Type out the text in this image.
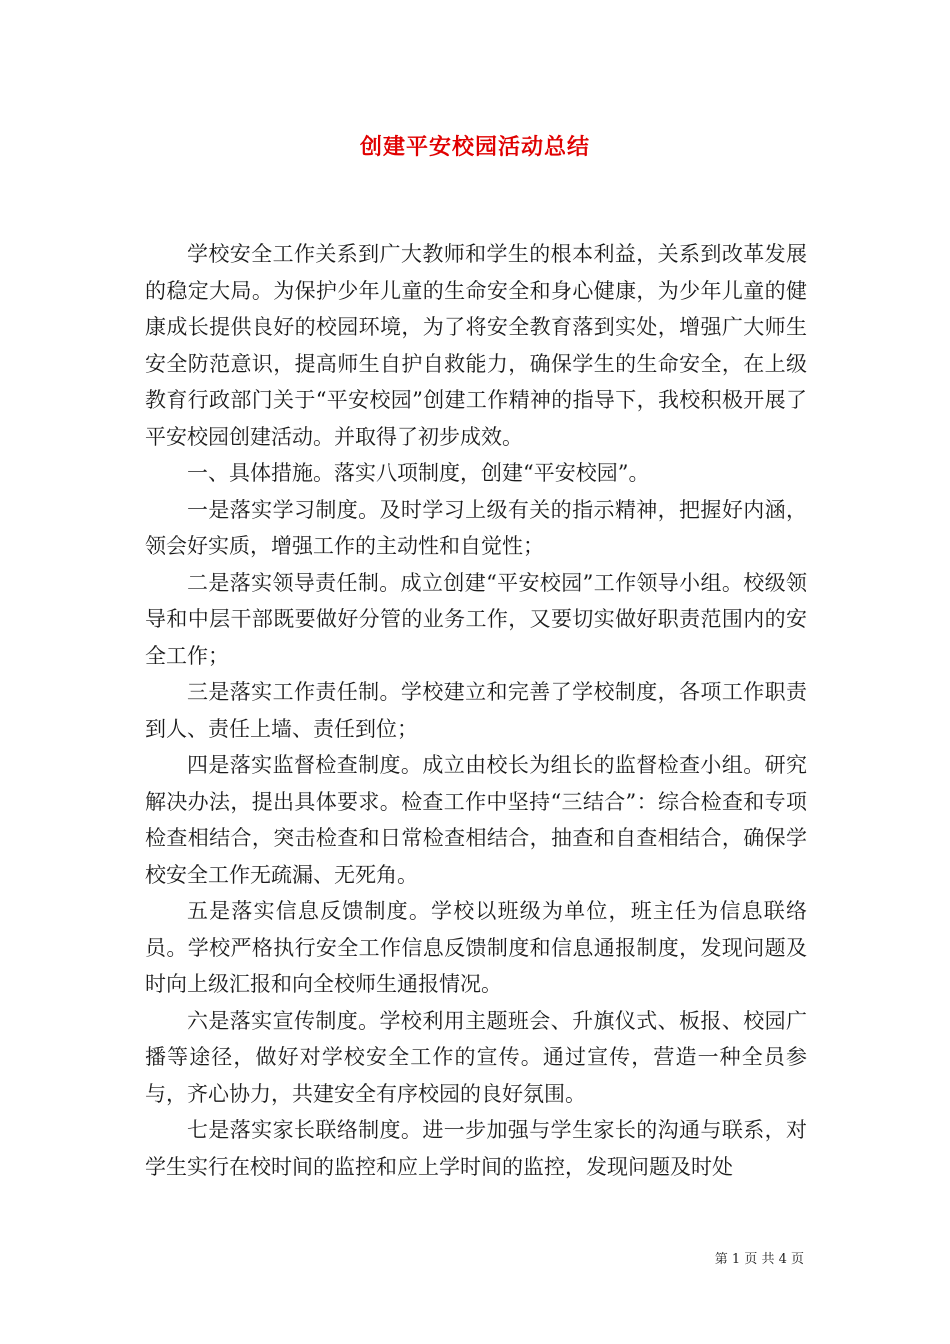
创建平安校园活动总结

学校安全工作关系到广大教师和学生的根本利益，关系到改革发展的稳定大局。为保护少年儿童的生命安全和身心健康，为少年儿童的健康成长提供良好的校园环境，为了将安全教育落到实处，增强广大师生安全防范意识，提高师生自护自救能力，确保学生的生命安全，在上级教育行政部门关于“平安校园”创建工作精神的指导下，我校积极开展了平安校园创建活动。并取得了初步成效。

一、具体措施。落实八项制度，创建“平安校园”。

一是落实学习制度。及时学习上级有关的指示精神，把握好内涵，领会好实质，增强工作的主动性和自觉性；

二是落实领导责任制。成立创建“平安校园”工作领导小组。校级领导和中层干部既要做好分管的业务工作，又要切实做好职责范围内的安全工作；

三是落实工作责任制。学校建立和完善了学校制度，各项工作职责到人、责任上墙、责任到位；

四是落实监督检查制度。成立由校长为组长的监督检查小组。研究解决办法，提出具体要求。检查工作中坚持“三结合”：综合检查和专项检查相结合，突击检查和日常检查相结合，抽查和自查相结合，确保学校安全工作无疏漏、无死角。

五是落实信息反馈制度。学校以班级为单位，班主任为信息联络员。学校严格执行安全工作信息反馈制度和信息通报制度，发现问题及时向上级汇报和向全校师生通报情况。

六是落实宣传制度。学校利用主题班会、升旗仪式、板报、校园广播等途径，做好对学校安全工作的宣传。通过宣传，营造一种全员参与，齐心协力，共建安全有序校园的良好氛围。

七是落实家长联络制度。进一步加强与学生家长的沟通与联系，对学生实行在校时间的监控和应上学时间的监控，发现问题及时处

第 1 页 共 4 页
